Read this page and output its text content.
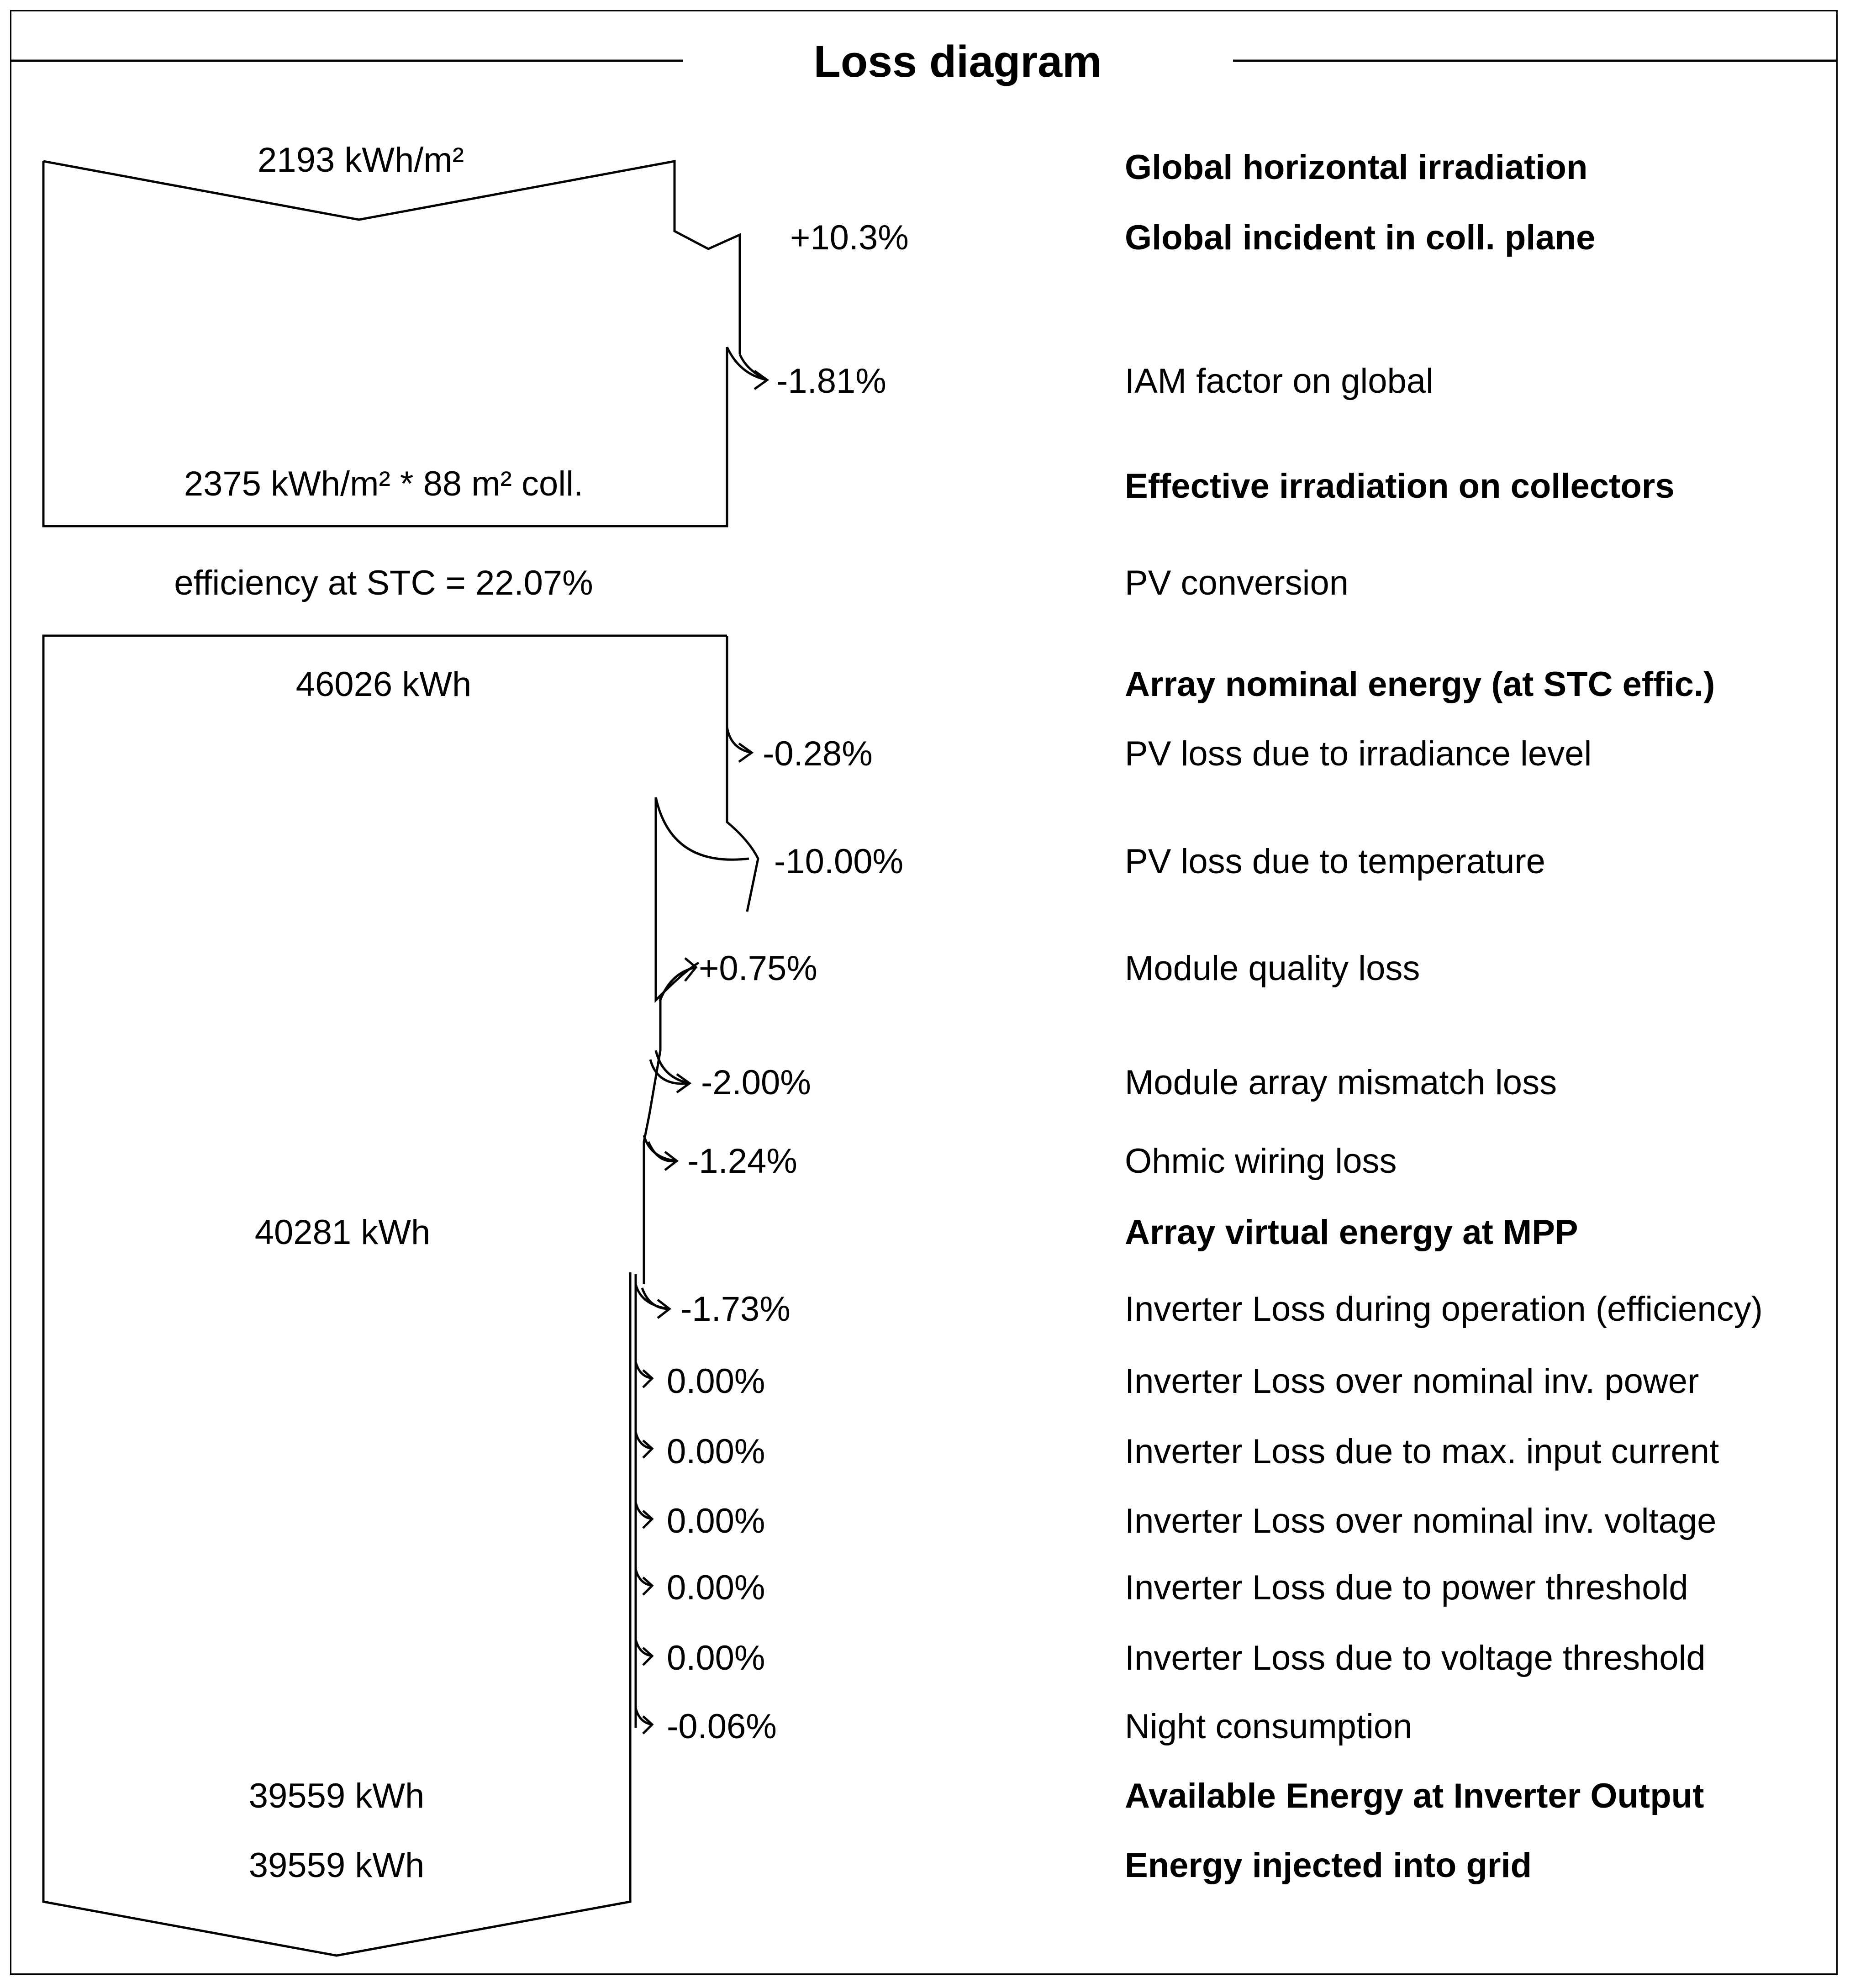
Loss diagram
2193 kWh/m²
2375 kWh/m² * 88 m² coll.
+10.3%
-1.81%
Global horizontal irradiation
Global incident in coll. plane
IAM factor on global
Effective irradiation on collectors
efficiency at STC = 22.07%	PV conversion
46026 kWh
40281 kWh
39559 kWh
39559 kWh
-0.28%
-10.00%
+0.75%
-2.00%
-1.24%
-1.73%
0.00%
0.00%
0.00%
0.00%
0.00%
-0.06%
Array nominal energy (at STC effic.)
PV loss due to irradiance level
PV loss due to temperature
Module quality loss
Module array mismatch loss
Ohmic wiring loss
Array virtual energy at MPP
Inverter Loss during operation (efficiency)
Inverter Loss over nominal inv. power
Inverter Loss due to max. input current
Inverter Loss over nominal inv. voltage
Inverter Loss due to power threshold
Inverter Loss due to voltage threshold
Night consumption
Available Energy at Inverter Output
Energy injected into grid
